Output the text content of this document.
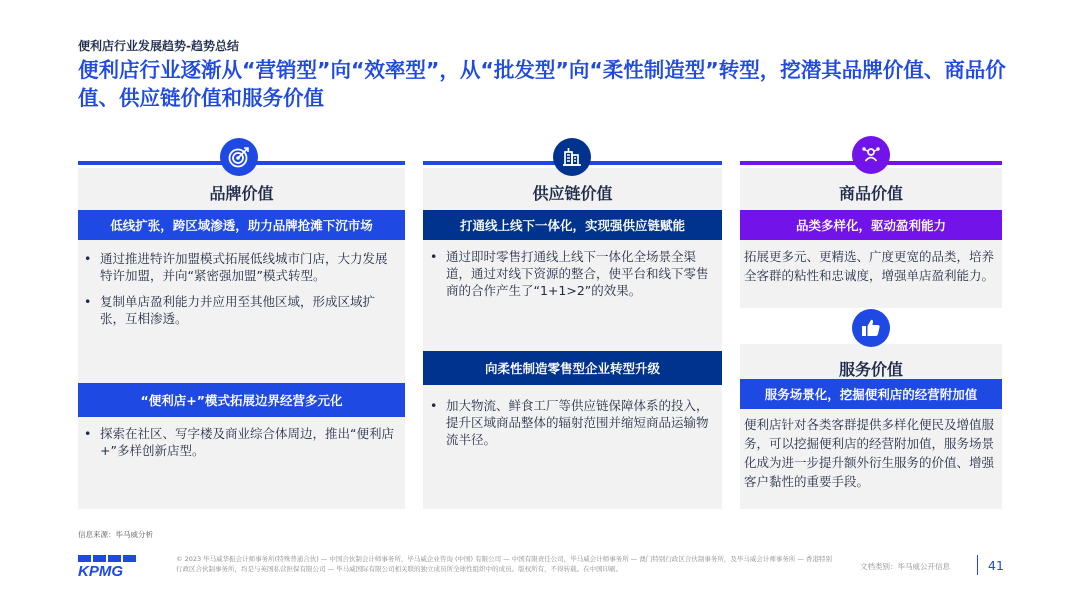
便利店行业发展趋势-趋势总结
便利店行业逐渐从“营销型”向“效率型”，从“批发型”向“柔性制造型”转型，挖潜其品牌价值、商品价值、供应链价值和服务价值
品牌价值
低线扩张，跨区域渗透，助力品牌抢滩下沉市场
• 通过推进特许加盟模式拓展低线城市门店，大力发展特许加盟，并向“紧密强加盟”模式转型。
• 复制单店盈利能力并应用至其他区域，形成区域扩张，互相渗透。
“便利店+”模式拓展边界经营多元化
• 探索在社区、写字楼及商业综合体周边，推出“便利店+”多样创新店型。
供应链价值
打通线上线下一体化，实现强供应链赋能
• 通过即时零售打通线上线下一体化全场景全渠道，通过对线下资源的整合，使平台和线下零售商的合作产生了“1+1>2”的效果。
向柔性制造零售型企业转型升级
• 加大物流、鲜食工厂等供应链保障体系的投入，提升区域商品整体的辐射范围并缩短商品运输物流半径。
商品价值
品类多样化，驱动盈利能力
拓展更多元、更精选、广度更宽的品类，培养全客群的粘性和忠诚度，增强单店盈利能力。
服务价值
服务场景化，挖掘便利店的经营附加值
便利店针对各类客群提供多样化便民及增值服务，可以挖掘便利店的经营附加值，服务场景化成为进一步提升额外衍生服务的价值、增强客户黏性的重要手段。
信息来源：毕马威分析
KPMG
© 2023 毕马威华振会计师事务所(特殊普通合伙) — 中国合伙制会计师事务所，毕马威企业咨询 (中国) 有限公司 — 中国有限责任公司，毕马威会计师事务所 — 澳门特别行政区合伙制事务所，及毕马威会计师事务所 — 香港特别行政区合伙制事务所，均是与英国私营担保有限公司 — 毕马威国际有限公司相关联的独立成员所全球性组织中的成员。版权所有，不得转载。在中国印刷。	文档类别：毕马威公开信息	41
